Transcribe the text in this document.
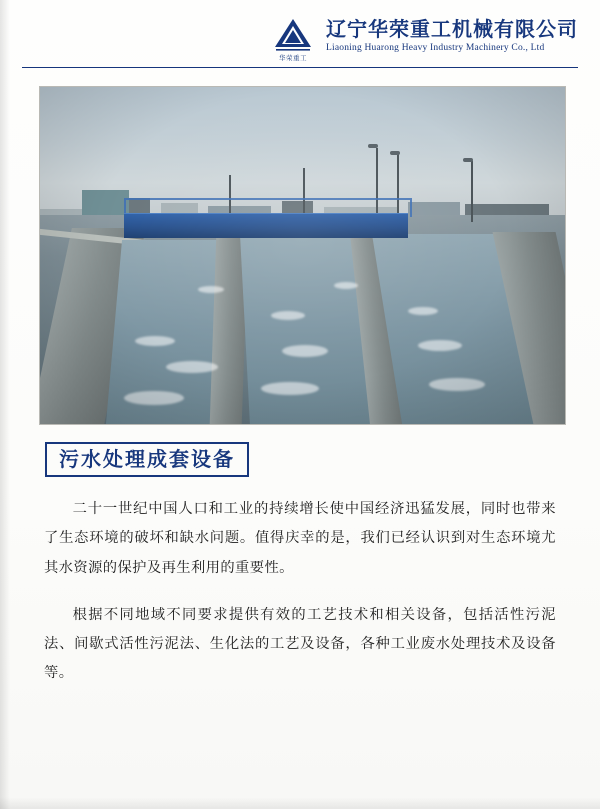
华荣重工
辽宁华荣重工机械有限公司
Liaoning Huarong Heavy Industry Machinery Co., Ltd
污水处理成套设备

二十一世纪中国人口和工业的持续增长使中国经济迅猛发展，同时也带来了生态环境的破坏和缺水问题。值得庆幸的是，我们已经认识到对生态环境尤其水资源的保护及再生利用的重要性。

根据不同地域不同要求提供有效的工艺技术和相关设备，包括活性污泥法、间歇式活性污泥法、生化法的工艺及设备，各种工业废水处理技术及设备等。
